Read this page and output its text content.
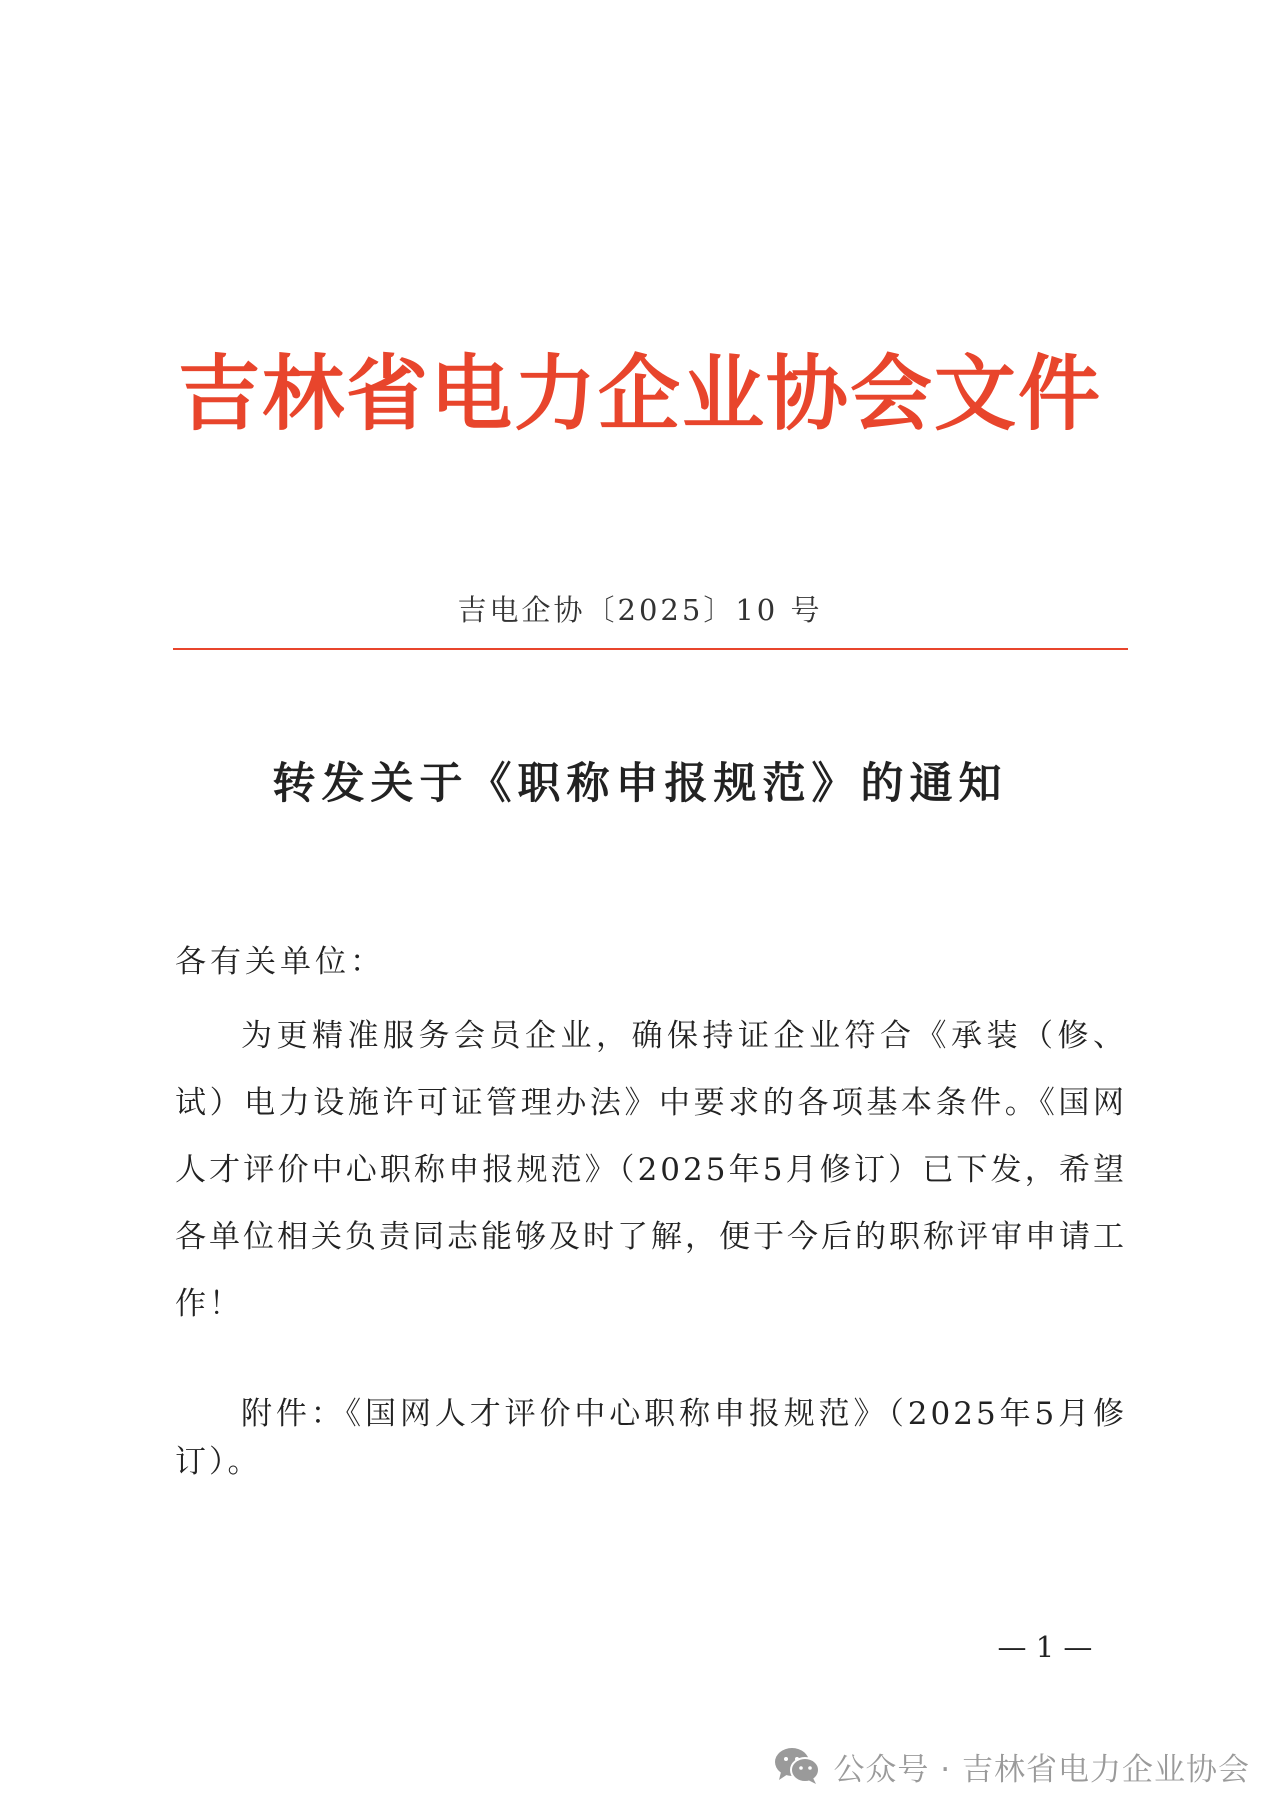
吉林省电力企业协会文件
吉电企协〔2025〕10 号
转发关于《职称申报规范》的通知
各有关单位：
为更精准服务会员企业，确保持证企业符合《承装（修、试）电力设施许可证管理办法》中要求的各项基本条件。《国网人才评价中心职称申报规范》（2025年5月修订）已下发，希望各单位相关负责同志能够及时了解，便于今后的职称评审申请工作！
附件：《国网人才评价中心职称申报规范》（2025年5月修订）。
— 1 —
公众号 · 吉林省电力企业协会
